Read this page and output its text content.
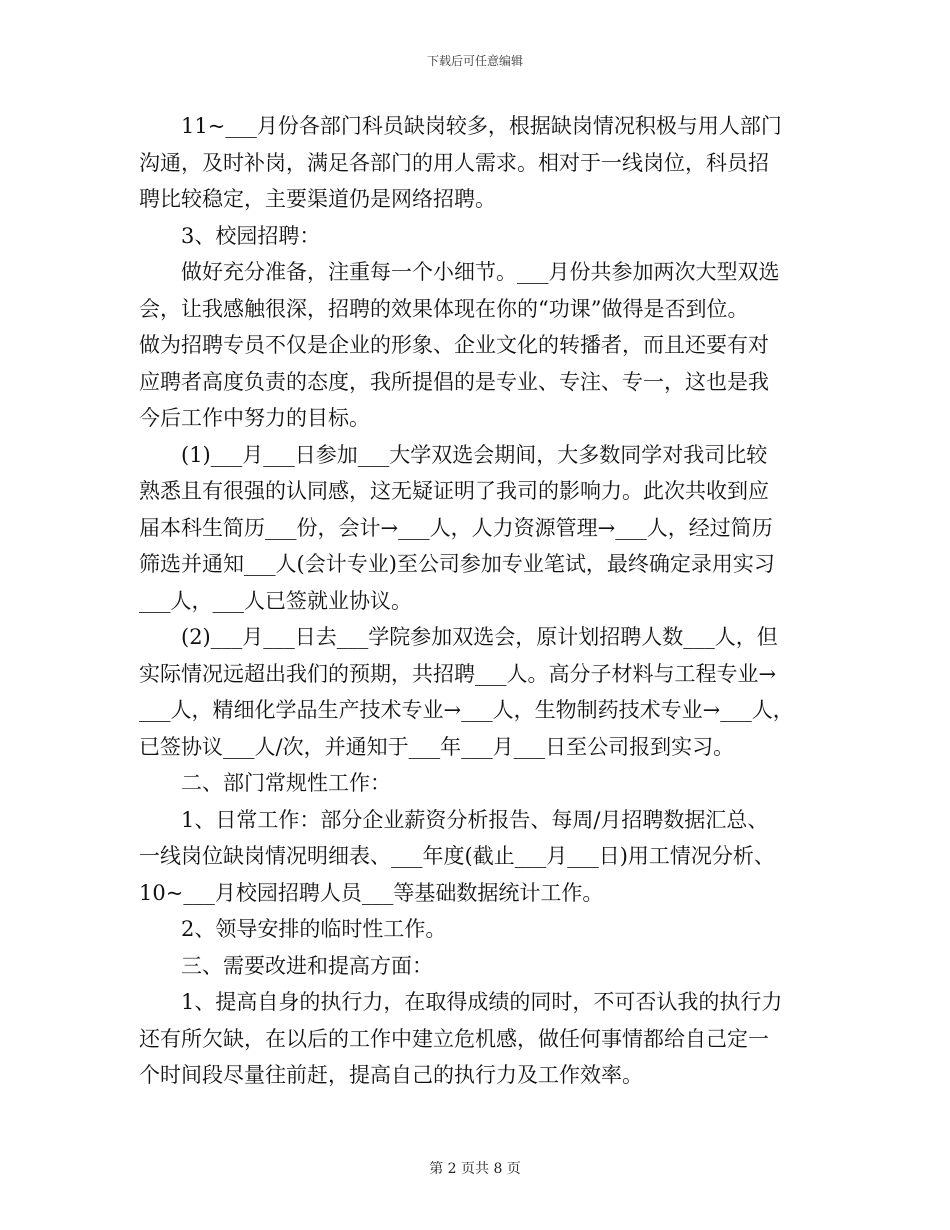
下载后可任意编辑
　　11~___月份各部门科员缺岗较多，根据缺岗情况积极与用人部门
沟通，及时补岗，满足各部门的用人需求。相对于一线岗位，科员招
聘比较稳定，主要渠道仍是网络招聘。
　　3、校园招聘：
　　做好充分准备，注重每一个小细节。___月份共参加两次大型双选
会，让我感触很深，招聘的效果体现在你的“功课”做得是否到位。
做为招聘专员不仅是企业的形象、企业文化的转播者，而且还要有对
应聘者高度负责的态度，我所提倡的是专业、专注、专一，这也是我
今后工作中努力的目标。
　　(1)___月___日参加___大学双选会期间，大多数同学对我司比较
熟悉且有很强的认同感，这无疑证明了我司的影响力。此次共收到应
届本科生简历___份，会计→___人，人力资源管理→___人，经过简历
筛选并通知___人(会计专业)至公司参加专业笔试，最终确定录用实习
___人，___人已签就业协议。
　　(2)___月___日去___学院参加双选会，原计划招聘人数___人，但
实际情况远超出我们的预期，共招聘___人。高分子材料与工程专业→
___人，精细化学品生产技术专业→___人，生物制药技术专业→___人，
已签协议___人/次，并通知于___年___月___日至公司报到实习。
　　二、部门常规性工作：
　　1、日常工作：部分企业薪资分析报告、每周/月招聘数据汇总、
一线岗位缺岗情况明细表、___年度(截止___月___日)用工情况分析、
10~___月校园招聘人员___等基础数据统计工作。
　　2、领导安排的临时性工作。
　　三、需要改进和提高方面：
　　1、提高自身的执行力，在取得成绩的同时，不可否认我的执行力
还有所欠缺，在以后的工作中建立危机感，做任何事情都给自己定一
个时间段尽量往前赶，提高自己的执行力及工作效率。
第 2 页共 8 页
